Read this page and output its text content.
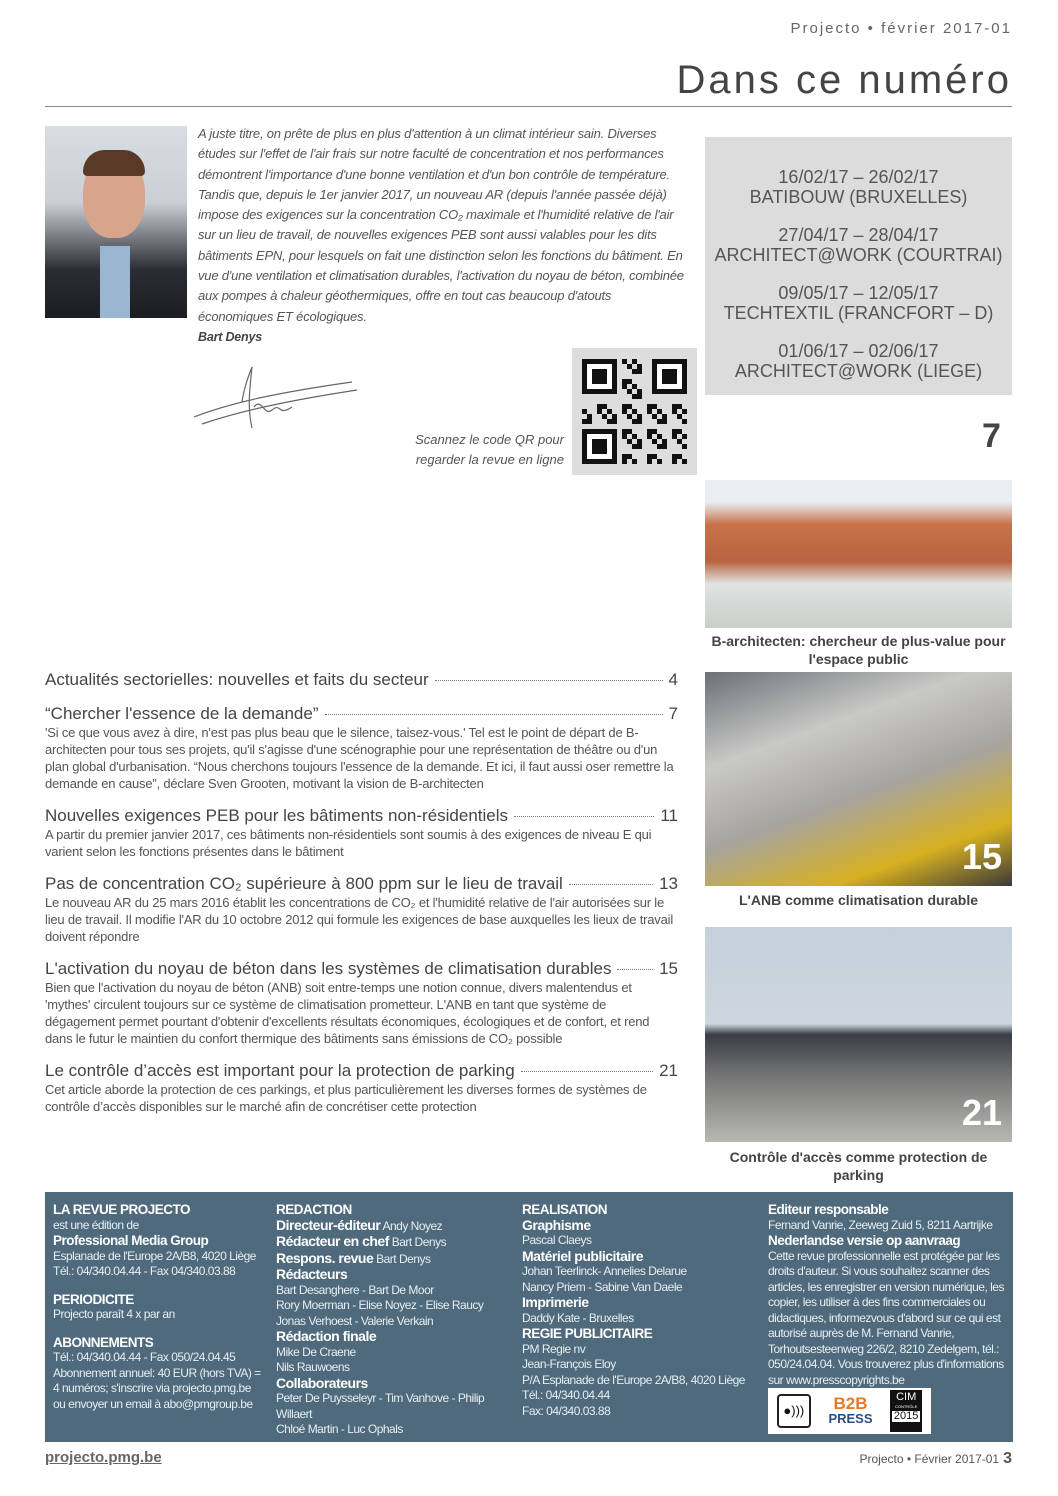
Projecto • février 2017-01
Dans ce numéro
A juste titre, on prête de plus en plus d'attention à un climat intérieur sain. Diverses études sur l'effet de l'air frais sur notre faculté de concentration et nos performances démontrent l'importance d'une bonne ventilation et d'un bon contrôle de température. Tandis que, depuis le 1er janvier 2017, un nouveau AR (depuis l'année passée déjà) impose des exigences sur la concentration CO₂ maximale et l'humidité relative de l'air sur un lieu de travail, de nouvelles exigences PEB sont aussi valables pour les dits bâtiments EPN, pour lesquels on fait une distinction selon les fonctions du bâtiment. En vue d'une ventilation et climatisation durables, l'activation du noyau de béton, combinée aux pompes à chaleur géothermiques, offre en tout cas beaucoup d'atouts économiques ET écologiques.
Bart Denys
Scannez le code QR pour regarder la revue en ligne
16/02/17 – 26/02/17
BATIBOUW (BRUXELLES)
27/04/17 – 28/04/17
ARCHITECT@WORK (COURTRAI)
09/05/17 – 12/05/17
TECHTEXTIL (FRANCFORT – D)
01/06/17 – 02/06/17
ARCHITECT@WORK (LIEGE)
7
B-architecten: chercheur de plus-value pour l'espace public
15
L'ANB comme climatisation durable
21
Contrôle d'accès comme protection de parking
Actualités sectorielles: nouvelles et faits du secteur	4
“Chercher l'essence de la demande”	7
'Si ce que vous avez à dire, n'est pas plus beau que le silence, taisez-vous.' Tel est le point de départ de B-architecten pour tous ses projets, qu'il s'agisse d'une scénographie pour une représentation de théâtre ou d'un plan global d'urbanisation. “Nous cherchons toujours l'essence de la demande. Et ici, il faut aussi oser remettre la demande en cause”, déclare Sven Grooten, motivant la vision de B-architecten
Nouvelles exigences PEB pour les bâtiments non-résidentiels	11
A partir du premier janvier 2017, ces bâtiments non-résidentiels sont soumis à des exigences de niveau E qui varient selon les fonctions présentes dans le bâtiment
Pas de concentration CO₂ supérieure à 800 ppm sur le lieu de travail	13
Le nouveau AR du 25 mars 2016 établit les concentrations de CO₂ et l'humidité relative de l'air autorisées sur le lieu de travail. Il modifie l'AR du 10 octobre 2012 qui formule les exigences de base auxquelles les lieux de travail doivent répondre
L'activation du noyau de béton dans les systèmes de climatisation durables	15
Bien que l'activation du noyau de béton (ANB) soit entre-temps une notion connue, divers malentendus et 'mythes' circulent toujours sur ce système de climatisation prometteur. L'ANB en tant que système de dégagement permet pourtant d'obtenir d'excellents résultats économiques, écologiques et de confort, et rend dans le futur le maintien du confort thermique des bâtiments sans émissions de CO₂ possible
Le contrôle d’accès est important pour la protection de parking	21
Cet article aborde la protection de ces parkings, et plus particulièrement les diverses formes de systèmes de contrôle d’accès disponibles sur le marché afin de concrétiser cette protection
LA REVUE PROJECTO
est une édition de
Professional Media Group
Esplanade de l'Europe 2A/B8, 4020 Liège
Tél.: 04/340.04.44 - Fax 04/340.03.88
PERIODICITE
Projecto paraît 4 x par an
ABONNEMENTS
Tél.: 04/340.04.44 - Fax 050/24.04.45
Abonnement annuel: 40 EUR (hors TVA) =
4 numéros; s'inscrire via projecto.pmg.be
ou envoyer un email à abo@pmgroup.be
REDACTION
Directeur-éditeur Andy Noyez
Rédacteur en chef Bart Denys
Respons. revue Bart Denys
Rédacteurs
Bart Desanghere - Bart De Moor
Rory Moerman - Elise Noyez - Elise Raucy
Jonas Verhoest - Valerie Verkain
Rédaction finale
Mike De Craene
Nils Rauwoens
Collaborateurs
Peter De Puysseleyr - Tim Vanhove - Philip Willaert
Chloé Martin - Luc Ophals
REALISATION
Graphisme
Pascal Claeys
Matériel publicitaire
Johan Teerlinck- Annelies Delarue
Nancy Priem - Sabine Van Daele
Imprimerie
Daddy Kate - Bruxelles
REGIE PUBLICITAIRE
PM Regie nv
Jean-François Eloy
P/A Esplanade de l'Europe 2A/B8, 4020 Liège
Tél.: 04/340.04.44
Fax: 04/340.03.88
Editeur responsable
Fernand Vanrie, Zeeweg Zuid 5, 8211 Aartrijke
Nederlandse versie op aanvraag
Cette revue professionnelle est protégée par les droits d'auteur. Si vous souhaitez scanner des articles, les enregistrer en version numérique, les copier, les utiliser à des fins commerciales ou didactiques, informezvous d'abord sur ce qui est autorisé auprès de M. Fernand Vanrie, Torhoutsesteenweg 226/2, 8210 Zedelgem, tél.: 050/24.04.04. Vous trouverez plus d'informations sur www.presscopyrights.be
●)))	B2B
PRESS
CIM
CONTRÔLE
2015
projecto.pmg.be	Projecto • Février 2017-01 3
